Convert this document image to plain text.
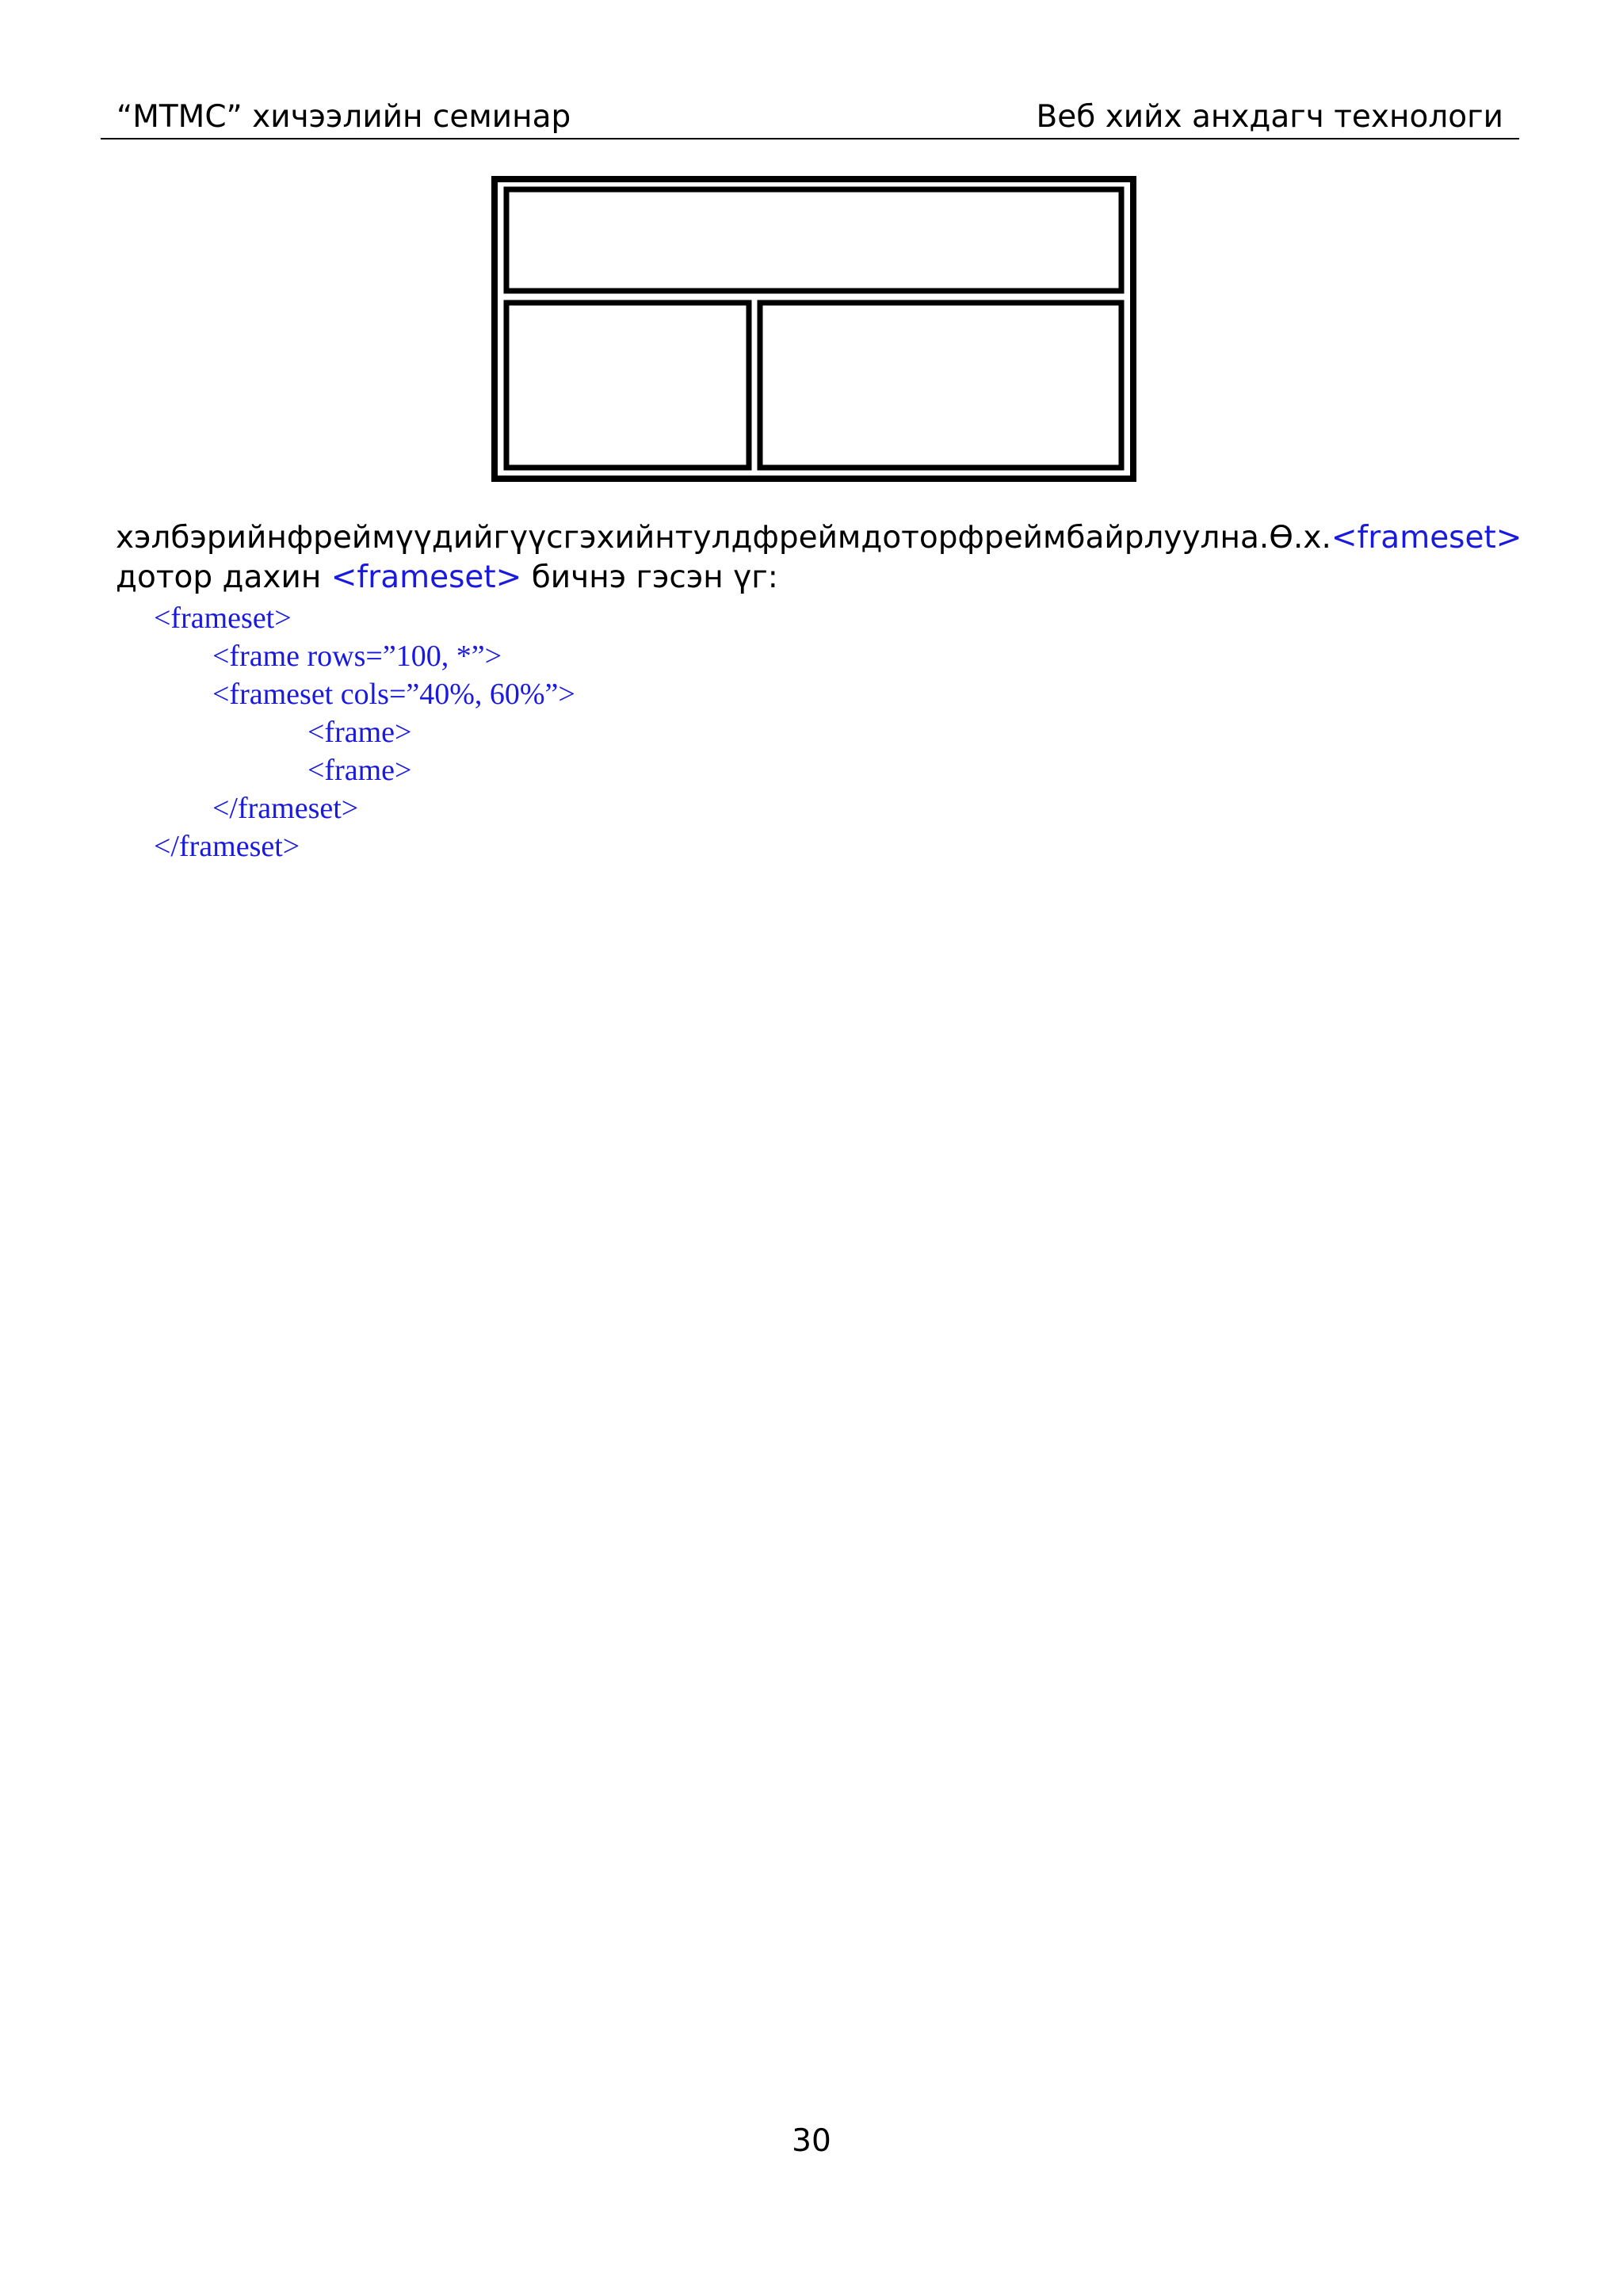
“МТМС” хичээлийн семинар	Веб хийх анхдагч технологи

хэлбэрийн фреймүүдийг үүсгэхийн тулд фрейм дотор фрейм байрлуулна. Ө.х. <frameset>

дотор дахин <frameset> бичнэ гэсэн үг:

<frameset>
<frame rows=”100, *”>
<frameset cols=”40%, 60%”>
<frame>
<frame>
</frameset>
</frameset>
30
